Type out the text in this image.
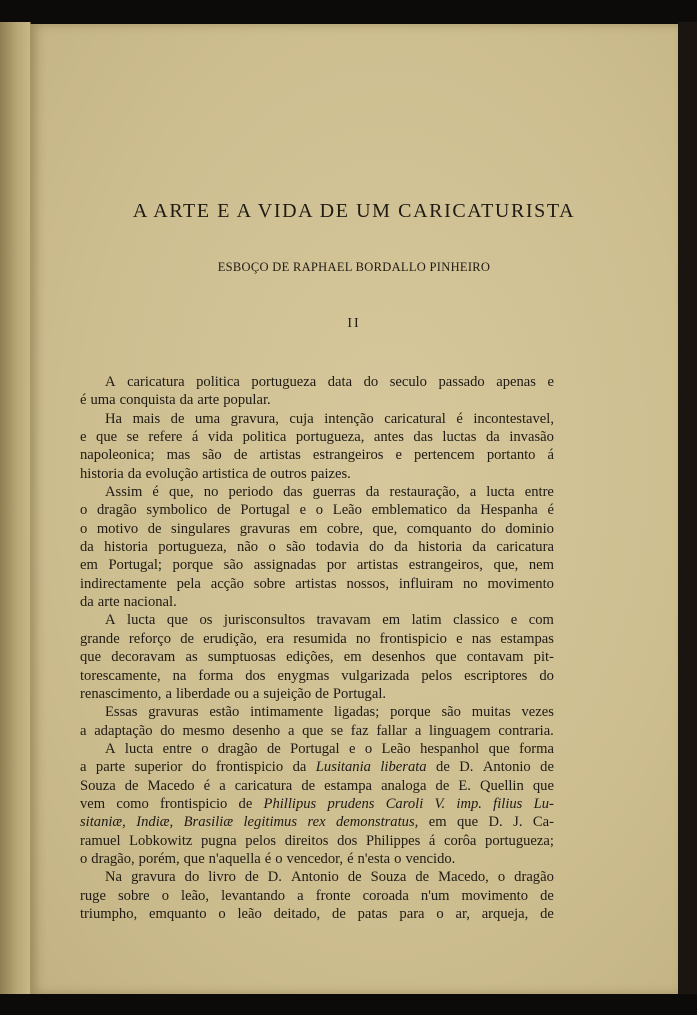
A ARTE E A VIDA DE UM CARICATURISTA
ESBOÇO DE RAPHAEL BORDALLO PINHEIRO
II
A caricatura politica portugueza data do seculo passado apenas e
é uma conquista da arte popular.
Ha mais de uma gravura, cuja intenção caricatural é incontestavel,
e que se refere á vida politica portugueza, antes das luctas da invasão
napoleonica; mas são de artistas estrangeiros e pertencem portanto á
historia da evolução artistica de outros paizes.
Assim é que, no periodo das guerras da restauração, a lucta entre
o dragão symbolico de Portugal e o Leão emblematico da Hespanha é
o motivo de singulares gravuras em cobre, que, comquanto do dominio
da historia portugueza, não o são todavia do da historia da caricatura
em Portugal; porque são assignadas por artistas estrangeiros, que, nem
indirectamente pela acção sobre artistas nossos, influiram no movimento
da arte nacional.
A lucta que os jurisconsultos travavam em latim classico e com
grande reforço de erudição, era resumida no frontispicio e nas estampas
que decoravam as sumptuosas edições, em desenhos que contavam pit-
torescamente, na forma dos enygmas vulgarizada pelos escriptores do
renascimento, a liberdade ou a sujeição de Portugal.
Essas gravuras estão intimamente ligadas; porque são muitas vezes
a adaptação do mesmo desenho a que se faz fallar a linguagem contraria.
A lucta entre o dragão de Portugal e o Leão hespanhol que forma
a parte superior do frontispicio da Lusitania liberata de D. Antonio de
Souza de Macedo é a caricatura de estampa analoga de E. Quellin que
vem como frontispicio de Phillipus prudens Caroli V. imp. filius Lu-
sitaniæ, Indiæ, Brasiliæ legitimus rex demonstratus, em que D. J. Ca-
ramuel Lobkowitz pugna pelos direitos dos Philippes á corôa portugueza;
o dragão, porém, que n'aquella é o vencedor, é n'esta o vencido.
Na gravura do livro de D. Antonio de Souza de Macedo, o dragão
ruge sobre o leão, levantando a fronte coroada n'um movimento de
triumpho, emquanto o leão deitado, de patas para o ar, arqueja, de
